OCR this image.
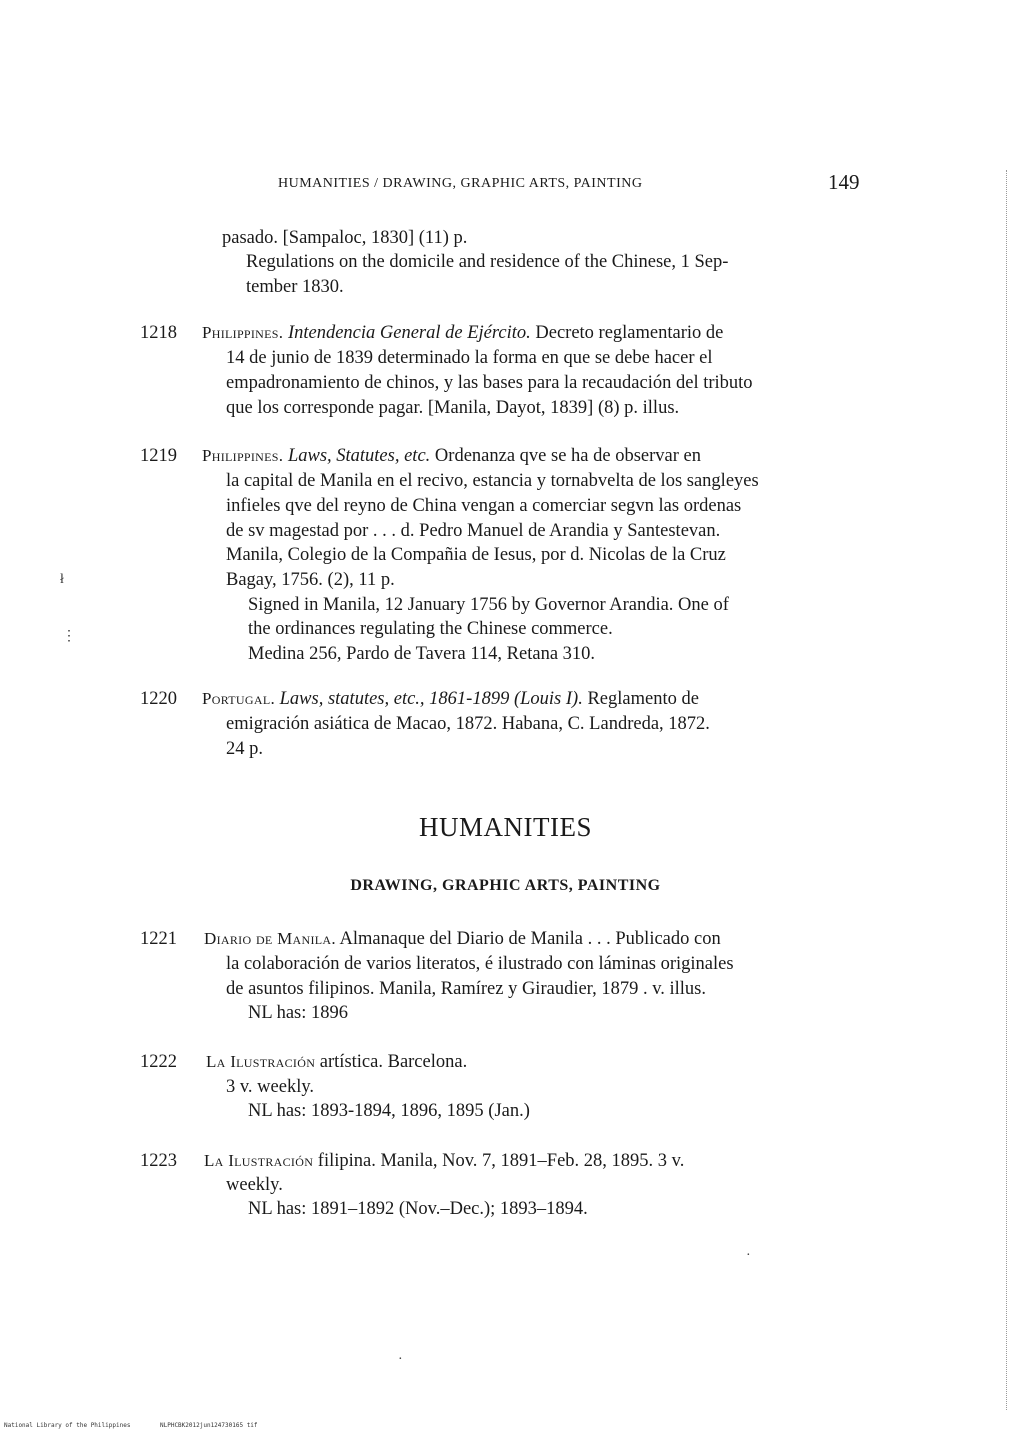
HUMANITIES / DRAWING, GRAPHIC ARTS, PAINTING	149
pasado. [Sampaloc, 1830] (11) p.
Regulations on the domicile and residence of the Chinese, 1 Sep-
tember 1830.
1218 Philippines. Intendencia General de Ejército. Decreto reglamentario de
14 de junio de 1839 determinado la forma en que se debe hacer el
empadronamiento de chinos, y las bases para la recaudación del tributo
que los corresponde pagar. [Manila, Dayot, 1839] (8) p. illus.
1219 Philippines. Laws, Statutes, etc. Ordenanza qve se ha de observar en
la capital de Manila en el recivo, estancia y tornabvelta de los sangleyes
infieles qve del reyno de China vengan a comerciar segvn las ordenas
de sv magestad por . . . d. Pedro Manuel de Arandia y Santestevan.
Manila, Colegio de la Compañia de Iesus, por d. Nicolas de la Cruz
Bagay, 1756. (2), 11 p.
Signed in Manila, 12 January 1756 by Governor Arandia. One of
the ordinances regulating the Chinese commerce.
Medina 256, Pardo de Tavera 114, Retana 310.
1220 Portugal. Laws, statutes, etc., 1861-1899 (Louis I). Reglamento de
emigración asiática de Macao, 1872. Habana, C. Landreda, 1872.
24 p.
HUMANITIES
DRAWING, GRAPHIC ARTS, PAINTING
1221 Diario de Manila. Almanaque del Diario de Manila . . . Publicado con
la colaboración de varios literatos, é ilustrado con láminas originales
de asuntos filipinos. Manila, Ramírez y Giraudier, 1879 . v. illus.
NL has: 1896
1222 La Ilustración artística. Barcelona.
3 v. weekly.
NL has: 1893-1894, 1896, 1895 (Jan.)
1223 La Ilustración filipina. Manila, Nov. 7, 1891–Feb. 28, 1895. 3 v.
weekly.
NL has: 1891–1892 (Nov.–Dec.); 1893–1894.
ł
⋮
·
·
National Library of the Philippines	NLPHCBK2012jun124730165 tif
